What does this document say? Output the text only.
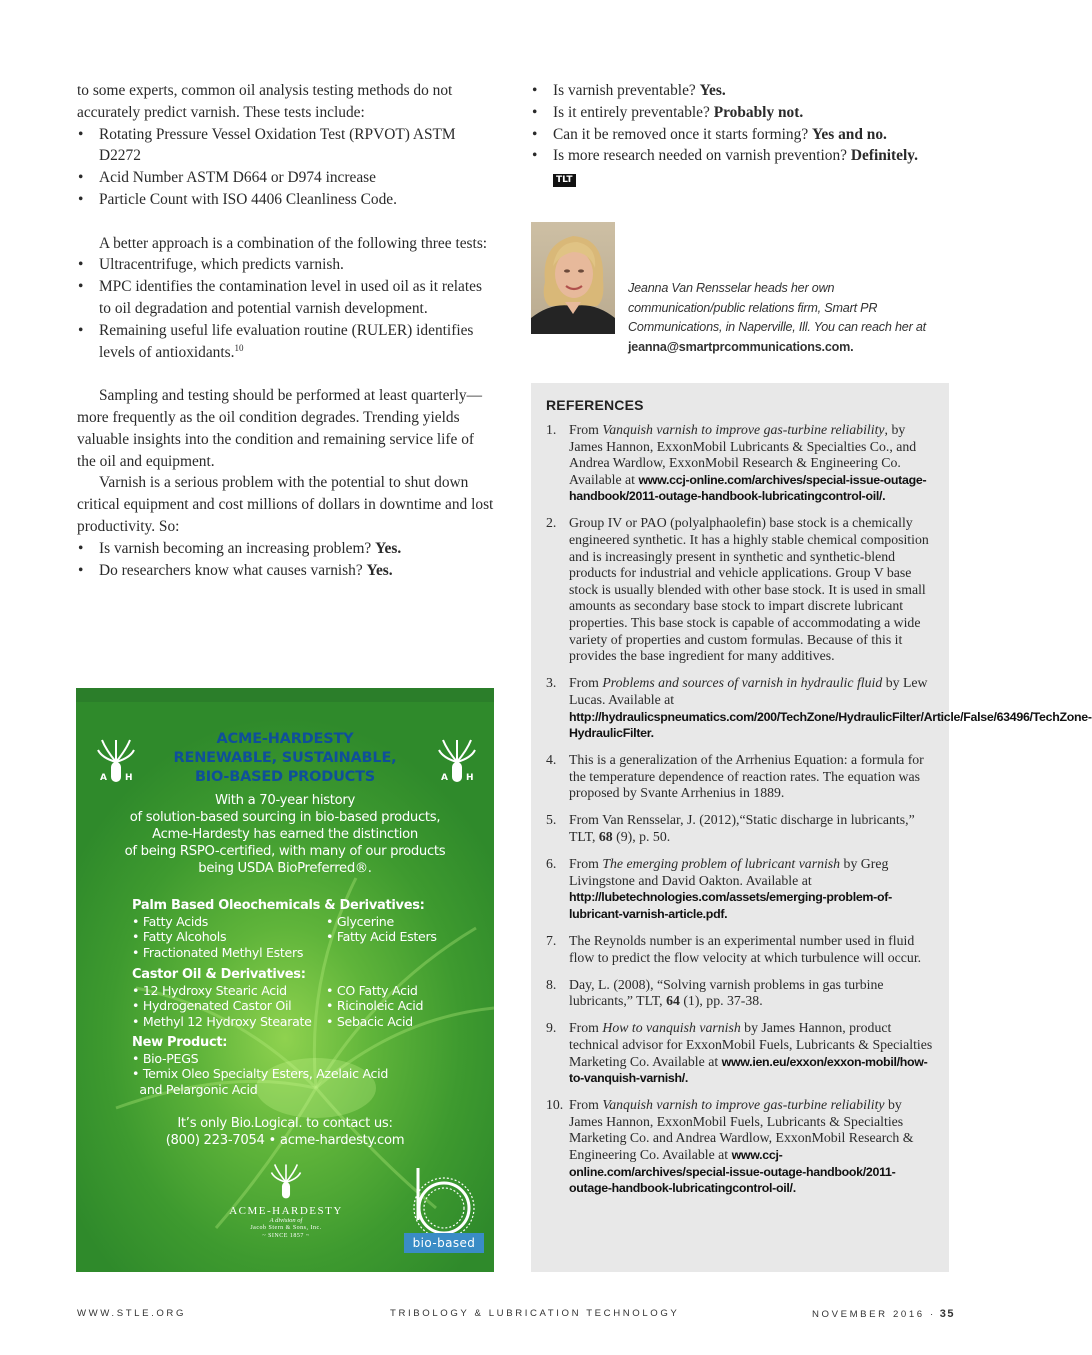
to some experts, common oil analysis testing methods do not accurately predict varnish. These tests include:

• Rotating Pressure Vessel Oxidation Test (RPVOT) ASTM D2272
• Acid Number ASTM D664 or D974 increase
• Particle Count with ISO 4406 Cleanliness Code.

A better approach is a combination of the following three tests:

• Ultracentrifuge, which predicts varnish.
• MPC identifies the contamination level in used oil as it relates to oil degradation and potential varnish development.
• Remaining useful life evaluation routine (RULER) identifies levels of antioxidants.$^{10}$

Sampling and testing should be performed at least quarterly—more frequently as the oil condition degrades. Trending yields valuable insights into the condition and remaining service life of the oil and equipment.

Varnish is a serious problem with the potential to shut down critical equipment and cost millions of dollars in downtime and lost productivity. So:

• Is varnish becoming an increasing problem? Yes.
• Do researchers know what causes varnish? Yes.
• Is varnish preventable? Yes.
• Is it entirely preventable? Probably not.
• Can it be removed once it starts forming? Yes and no.
• Is more research needed on varnish prevention? Definitely.
TLT
Jeanna Van Rensselar heads her own communication/public relations firm, Smart PR Communications, in Naperville, Ill. You can reach her at jeanna@smartprcommunications.com.
REFERENCES
1. From Vanquish varnish to improve gas-turbine reliability, by James Hannon, ExxonMobil Lubricants & Specialties Co., and Andrea Wardlow, ExxonMobil Research & Engineering Co. Available at www.ccj-online.com/archives/special-issue-outage-handbook/2011-outage-handbook-lubricatingcontrol-oil/.
2. Group IV or PAO (polyalphaolefin) base stock is a chemically engineered synthetic. It has a highly stable chemical composition and is increasingly present in synthetic and synthetic-blend products for industrial and vehicle applications. Group V base stock is usually blended with other base stock. It is used in small amounts as secondary base stock to impart discrete lubricant properties. This base stock is capable of accommodating a wide variety of properties and custom formulas. Because of this it provides the base ingredient for many additives.
3. From Problems and sources of varnish in hydraulic fluid by Lew Lucas. Available at http://hydraulicspneumatics.com/200/TechZone/HydraulicFilter/Article/False/63496/TechZone-HydraulicFilter.
4. This is a generalization of the Arrhenius Equation: a formula for the temperature dependence of reaction rates. The equation was proposed by Svante Arrhenius in 1889.
5. From Van Rensselar, J. (2012),“Static discharge in lubricants,” TLT, 68 (9), p. 50.
6. From The emerging problem of lubricant varnish by Greg Livingstone and David Oakton. Available at http://lubetechnologies.com/assets/emerging-problem-of-lubricant-varnish-article.pdf.
7. The Reynolds number is an experimental number used in fluid flow to predict the flow velocity at which turbulence will occur.
8. Day, L. (2008), “Solving varnish problems in gas turbine lubricants,” TLT, 64 (1), pp. 37-38.
9. From How to vanquish varnish by James Hannon, product technical advisor for ExxonMobil Fuels, Lubricants & Specialties Marketing Co. Available at www.ien.eu/exxon/exxon-mobil/how-to-vanquish-varnish/.
10. From Vanquish varnish to improve gas-turbine reliability by James Hannon, ExxonMobil Fuels, Lubricants & Specialties Marketing Co. and Andrea Wardlow, ExxonMobil Research & Engineering Co. Available at www.ccj-online.com/archives/special-issue-outage-handbook/2011-outage-handbook-lubricatingcontrol-oil/.
A H	A H
ACME-HARDESTY
RENEWABLE, SUSTAINABLE,
BIO-BASED PRODUCTS
With a 70-year history
of solution-based sourcing in bio-based products,
Acme-Hardesty has earned the distinction
of being RSPO-certified, with many of our products
being USDA BioPreferred®.
Palm Based Oleochemicals & Derivatives:
• Fatty Acids	• Glycerine
• Fatty Alcohols	• Fatty Acid Esters
• Fractionated Methyl Esters
Castor Oil & Derivatives:
• 12 Hydroxy Stearic Acid	• CO Fatty Acid
• Hydrogenated Castor Oil	• Ricinoleic Acid
• Methyl 12 Hydroxy Stearate	• Sebacic Acid
New Product:
• Bio-PEGS
• Temix Oleo Specialty Esters, Azelaic Acid
and Pelargonic Acid
It’s only Bio.Logical. to contact us:
(800) 223-7054 • acme-hardesty.com
ACME-HARDESTY
A division of
Jacob Stern & Sons, Inc.
~ SINCE 1857 ~
bio-based
WWW.STLE.ORG	TRIBOLOGY & LUBRICATION TECHNOLOGY	NOVEMBER 2016 · 35
